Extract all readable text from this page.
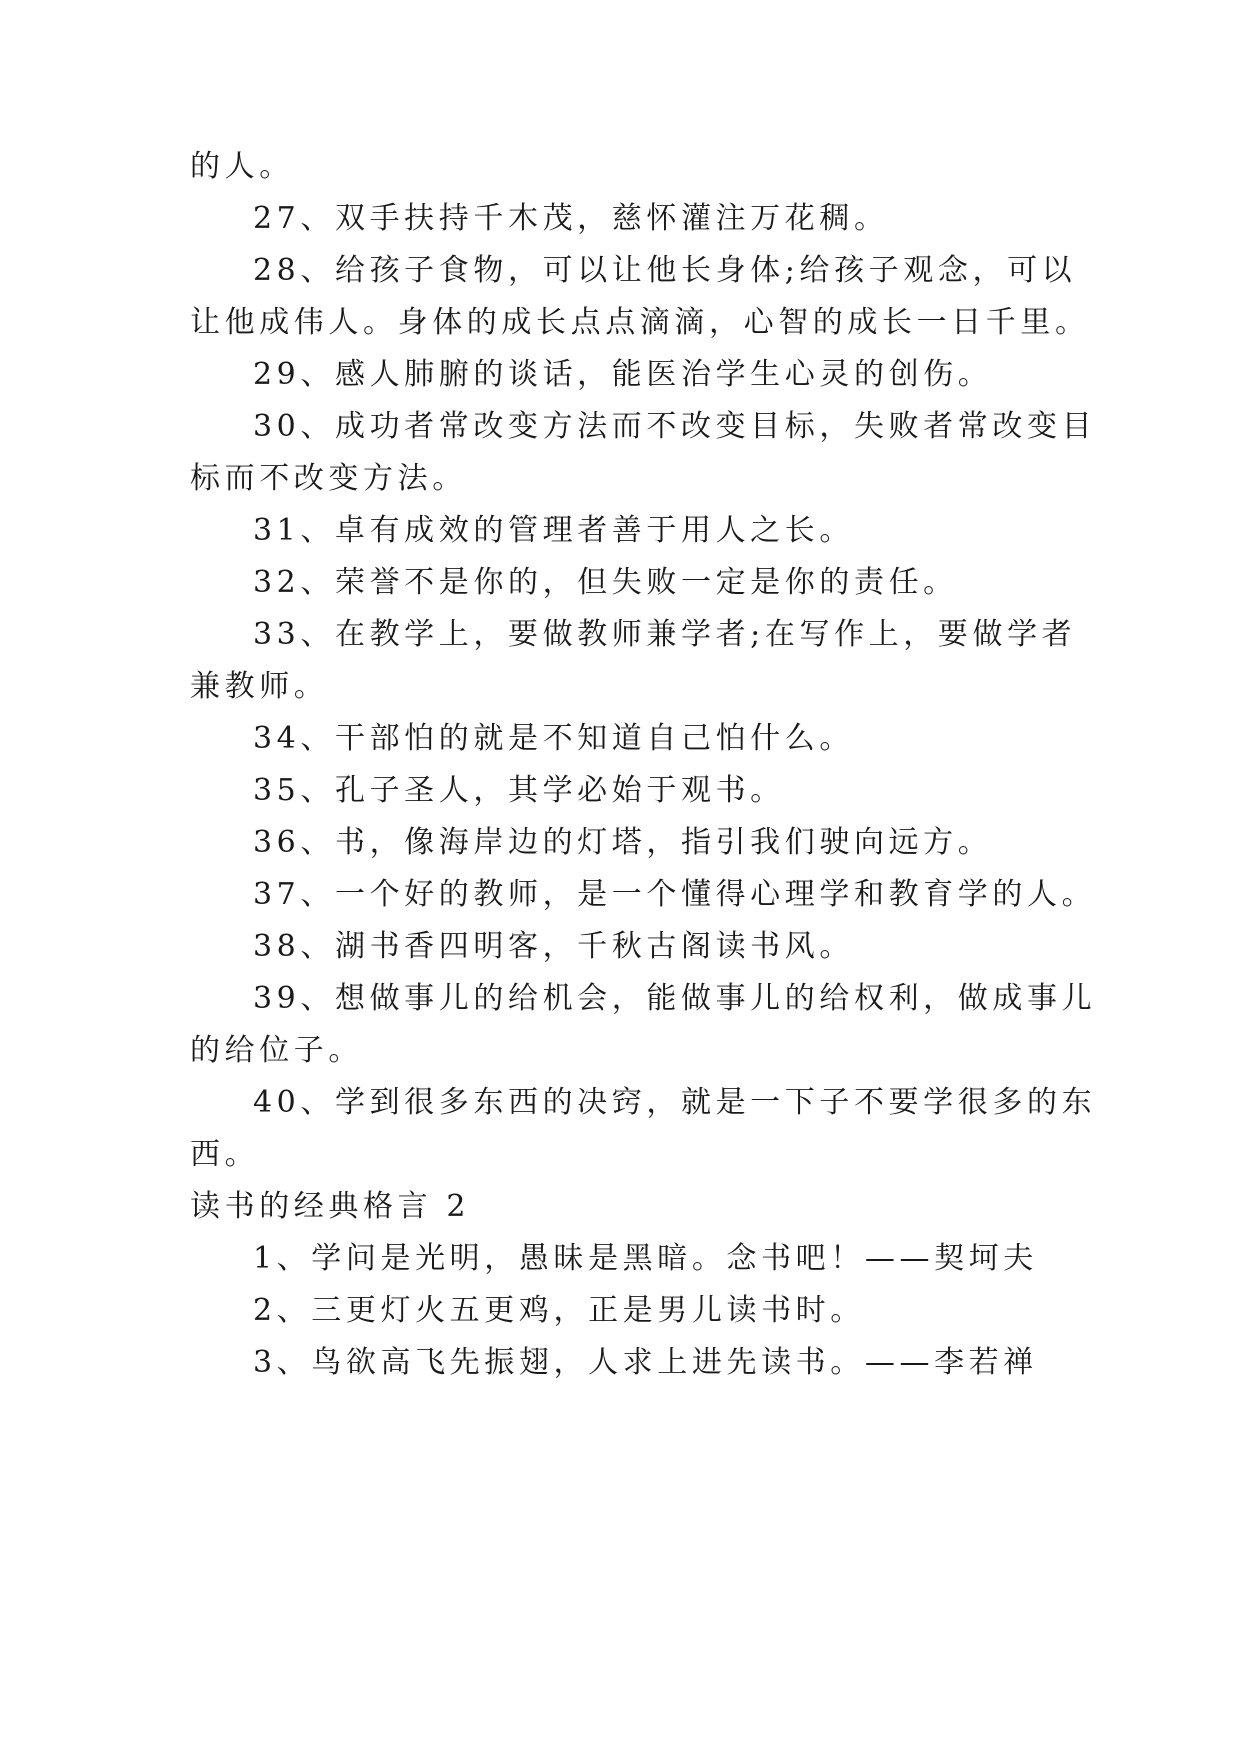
的人。
27、双手扶持千木茂，慈怀灌注万花稠。
28、给孩子食物，可以让他长身体;给孩子观念，可以
让他成伟人。身体的成长点点滴滴，心智的成长一日千里。
29、感人肺腑的谈话，能医治学生心灵的创伤。
30、成功者常改变方法而不改变目标，失败者常改变目
标而不改变方法。
31、卓有成效的管理者善于用人之长。
32、荣誉不是你的，但失败一定是你的责任。
33、在教学上，要做教师兼学者;在写作上，要做学者
兼教师。
34、干部怕的就是不知道自己怕什么。
35、孔子圣人，其学必始于观书。
36、书，像海岸边的灯塔，指引我们驶向远方。
37、一个好的教师，是一个懂得心理学和教育学的人。
38、湖书香四明客，千秋古阁读书风。
39、想做事儿的给机会，能做事儿的给权利，做成事儿
的给位子。
40、学到很多东西的决窍，就是一下子不要学很多的东
西。
读书的经典格言 2
1、学问是光明，愚昧是黑暗。念书吧！——契坷夫
2、三更灯火五更鸡，正是男儿读书时。
3、鸟欲高飞先振翅，人求上进先读书。——李若禅
